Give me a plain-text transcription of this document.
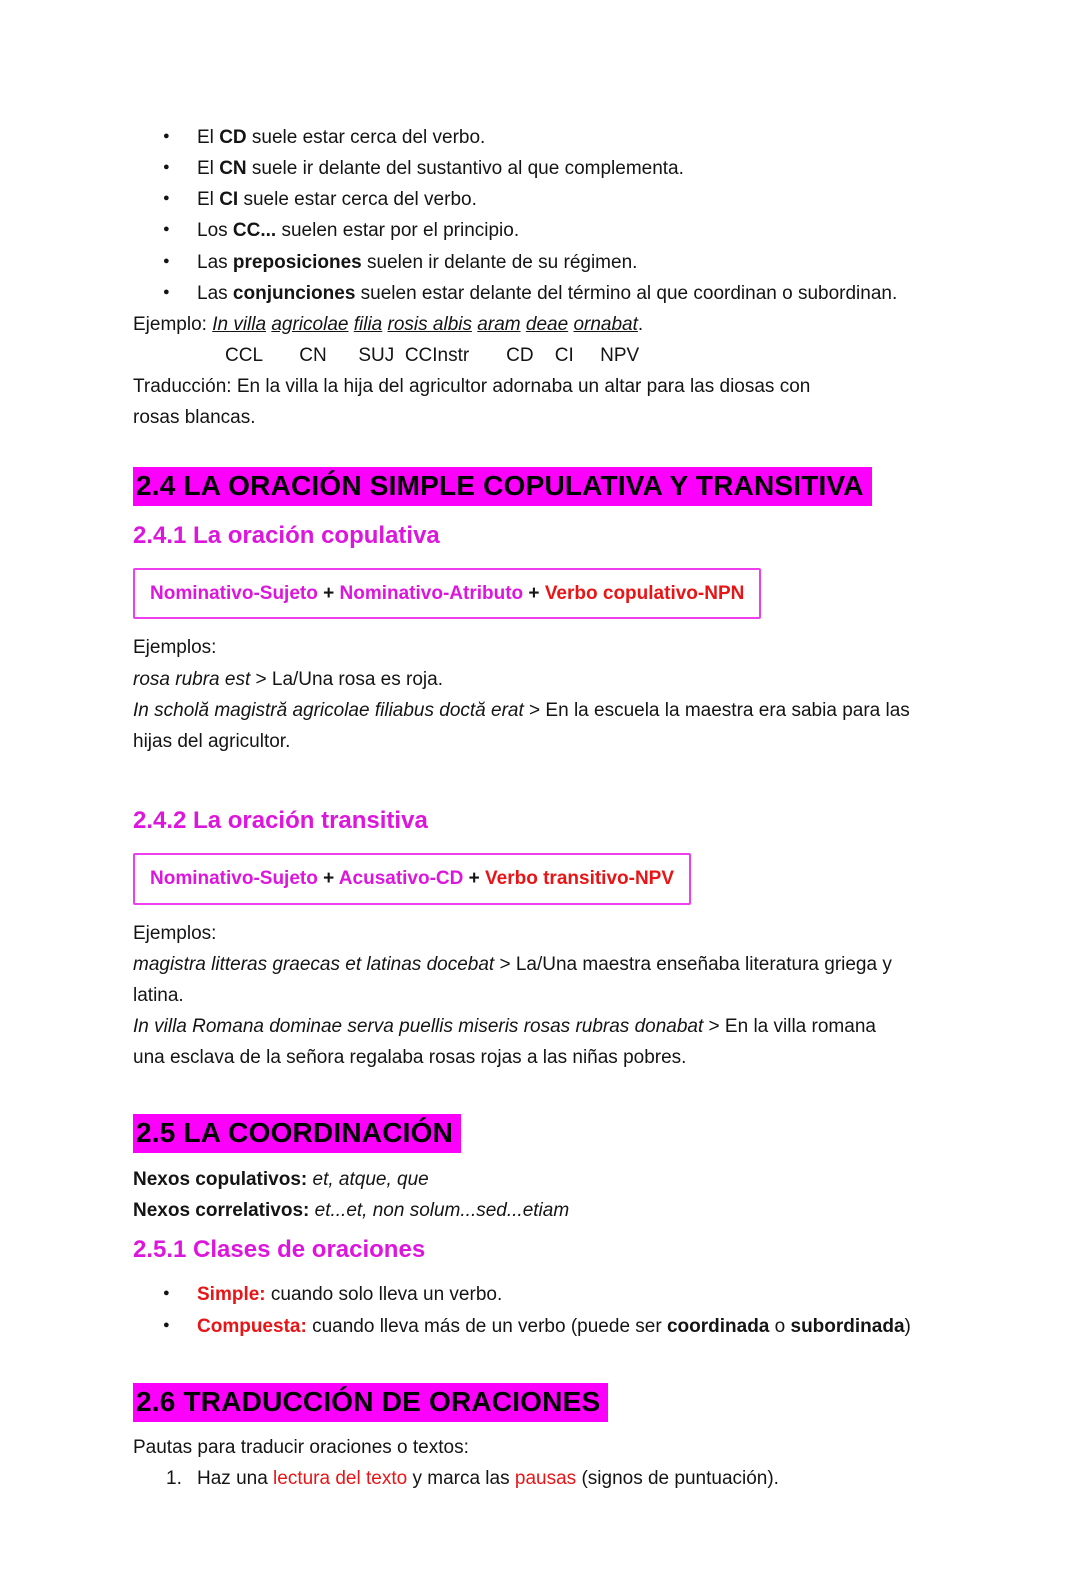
● El CD suele estar cerca del verbo.
● El CN suele ir delante del sustantivo al que complementa.
● El CI suele estar cerca del verbo.
● Los CC... suelen estar por el principio.
● Las preposiciones suelen ir delante de su régimen.
● Las conjunciones suelen estar delante del término al que coordinan o subordinan.

Ejemplo: In villa agricolae filia rosis albis aram deae ornabat.

CCL       CN      SUJ  CCInstr       CD    CI     NPV

Traducción: En la villa la hija del agricultor adornaba un altar para las diosas con

rosas blancas.

2.4 LA ORACIÓN SIMPLE COPULATIVA Y TRANSITIVA
2.4.1 La oración copulativa
Nominativo-Sujeto + Nominativo-Atributo + Verbo copulativo-NPN

Ejemplos:

rosa rubra est > La/Una rosa es roja.

In scholă magistră agricolae filiabus doctă erat > En la escuela la maestra era sabia para las

hijas del agricultor.

2.4.2 La oración transitiva
Nominativo-Sujeto + Acusativo-CD + Verbo transitivo-NPV

Ejemplos:

magistra litteras graecas et latinas docebat > La/Una maestra enseñaba literatura griega y

latina.

In villa Romana dominae serva puellis miseris rosas rubras donabat > En la villa romana

una esclava de la señora regalaba rosas rojas a las niñas pobres.

2.5 LA COORDINACIÓN

Nexos copulativos: et, atque, que

Nexos correlativos: et...et, non solum...sed...etiam

2.5.1 Clases de oraciones
● Simple: cuando solo lleva un verbo.
● Compuesta: cuando lleva más de un verbo (puede ser coordinada o subordinada)
2.6 TRADUCCIÓN DE ORACIONES

Pautas para traducir oraciones o textos:

Haz una lectura del texto y marca las pausas (signos de puntuación).
